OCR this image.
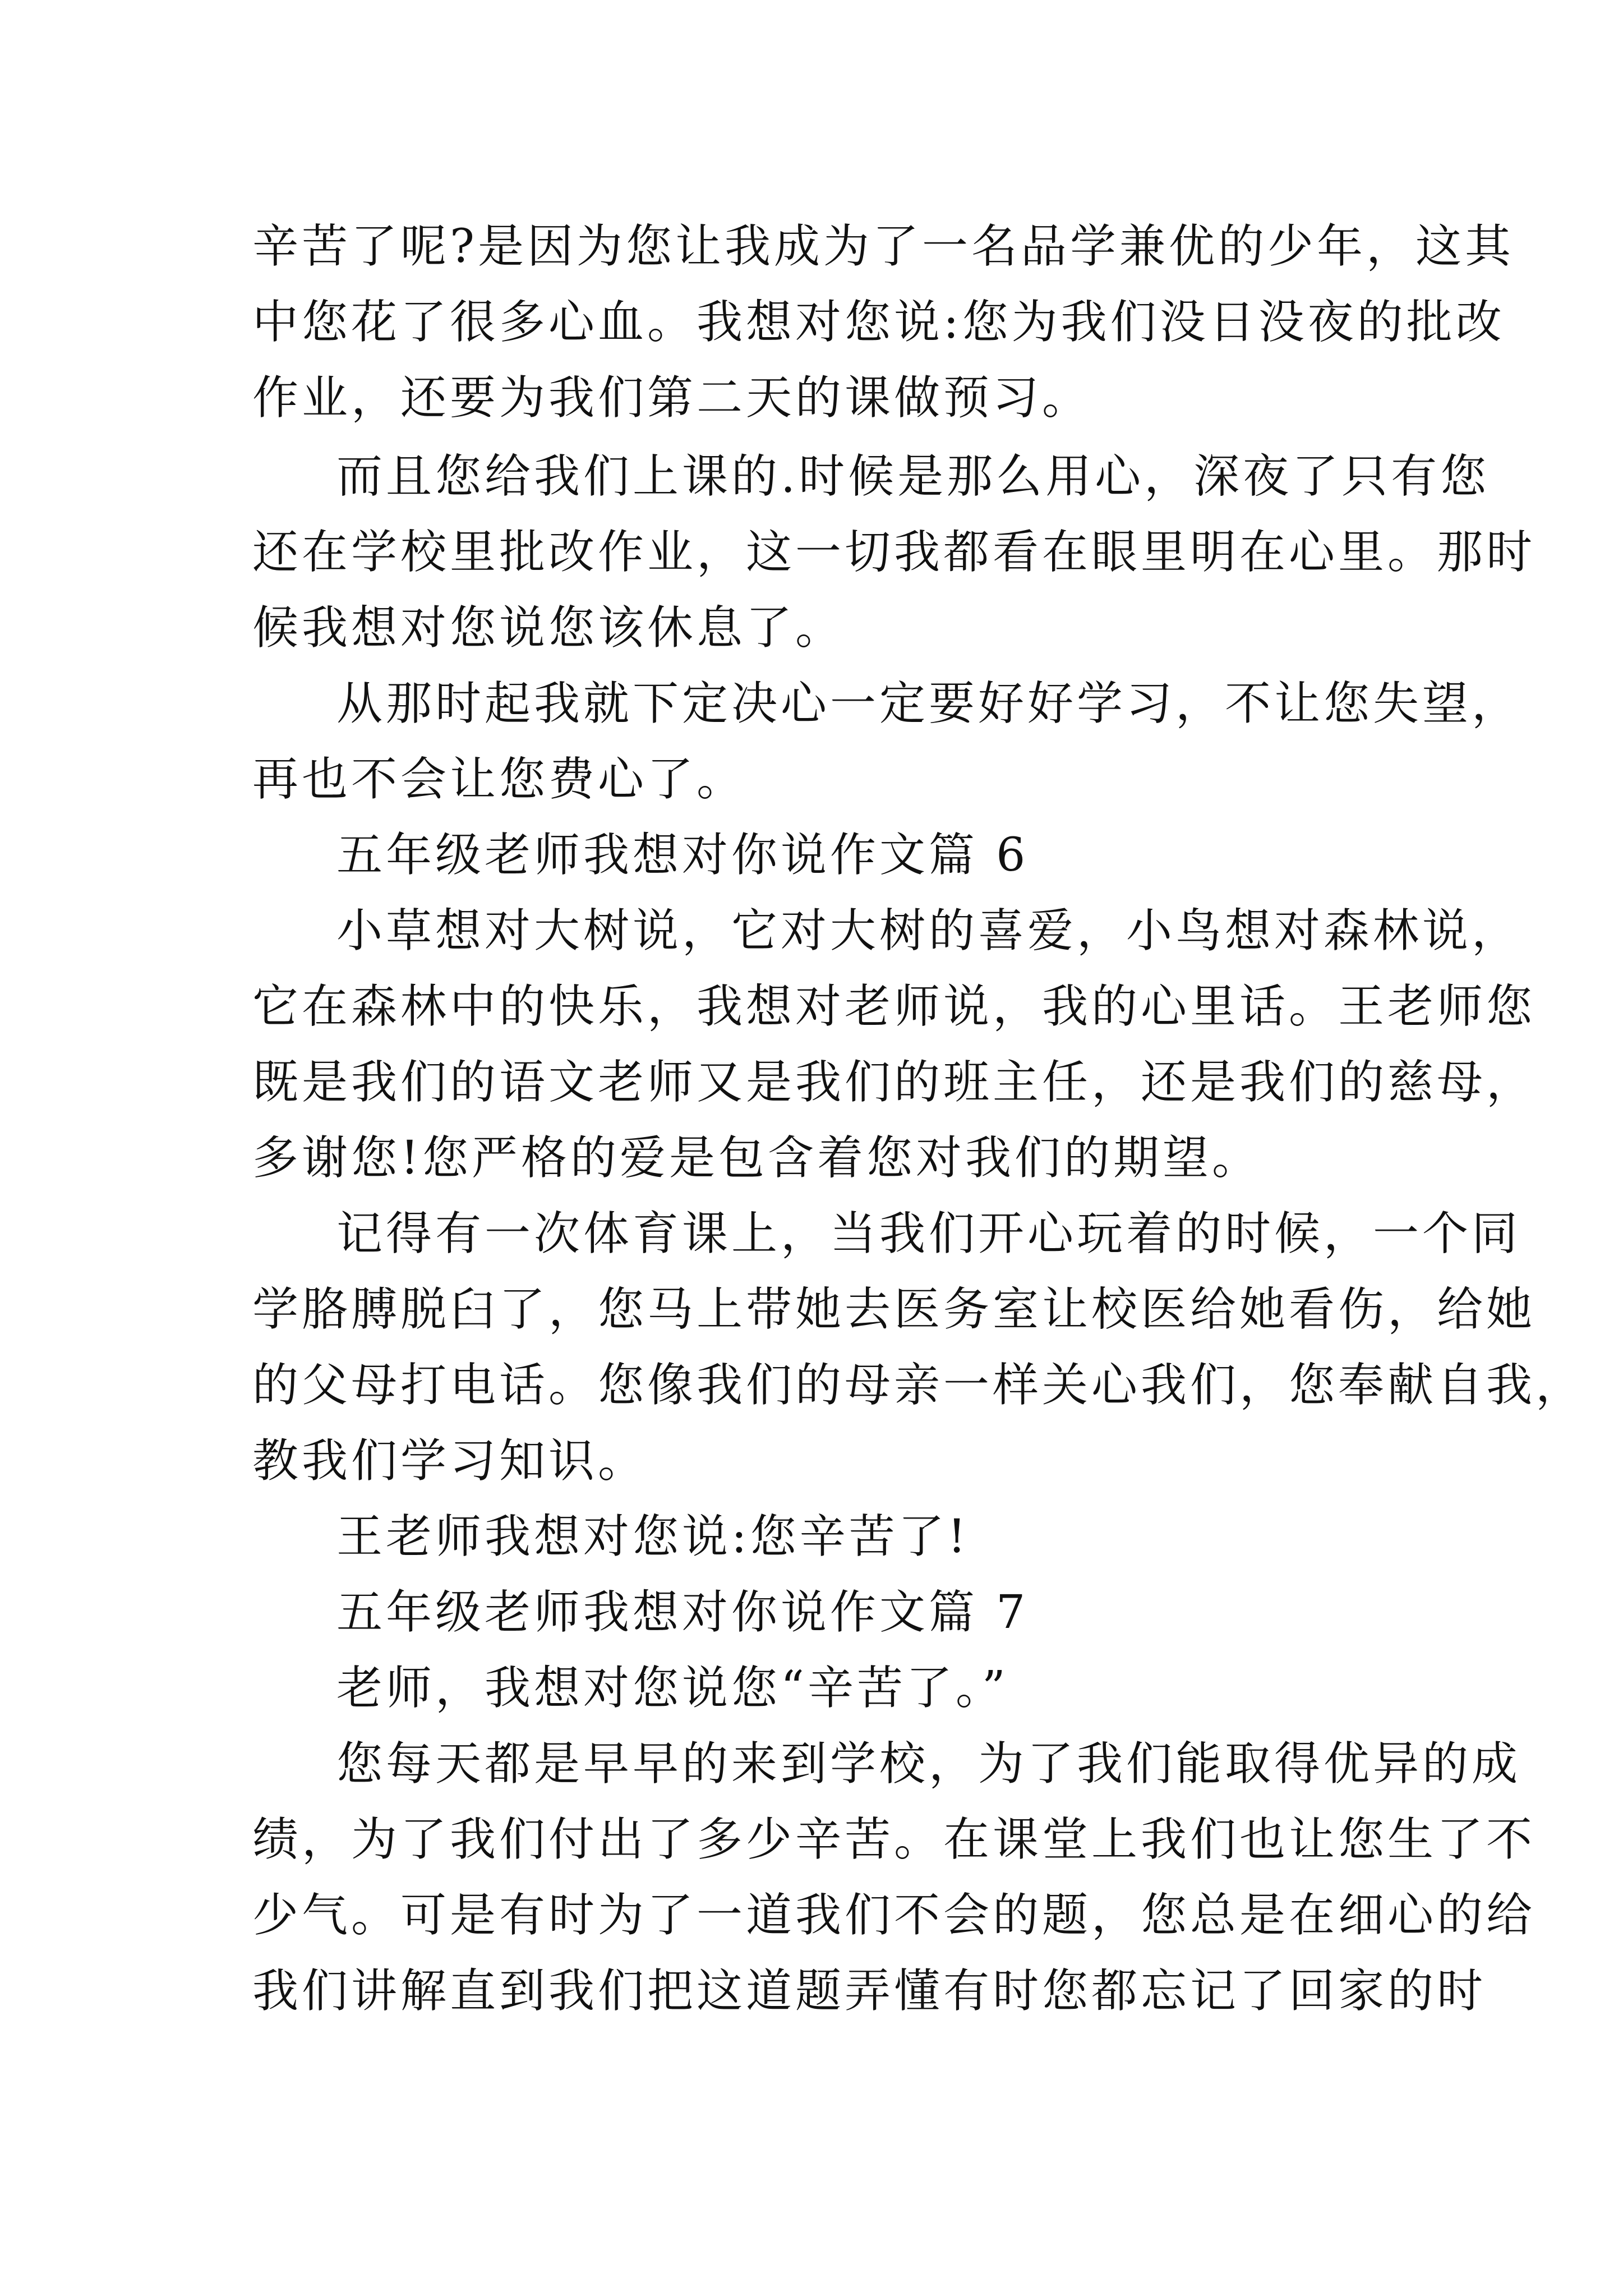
辛苦了呢?是因为您让我成为了一名品学兼优的少年，这其
中您花了很多心血。我想对您说:您为我们没日没夜的批改
作业，还要为我们第二天的课做预习。
而且您给我们上课的.时候是那么用心，深夜了只有您
还在学校里批改作业，这一切我都看在眼里明在心里。那时
候我想对您说您该休息了。
从那时起我就下定决心一定要好好学习，不让您失望，
再也不会让您费心了。
五年级老师我想对你说作文篇 6
小草想对大树说，它对大树的喜爱，小鸟想对森林说，
它在森林中的快乐，我想对老师说，我的心里话。王老师您
既是我们的语文老师又是我们的班主任，还是我们的慈母，
多谢您!您严格的爱是包含着您对我们的期望。
记得有一次体育课上，当我们开心玩着的时候，一个同
学胳膊脱臼了，您马上带她去医务室让校医给她看伤，给她
的父母打电话。您像我们的母亲一样关心我们，您奉献自我，
教我们学习知识。
王老师我想对您说:您辛苦了!
五年级老师我想对你说作文篇 7
老师，我想对您说您“辛苦了。”
您每天都是早早的来到学校，为了我们能取得优异的成
绩，为了我们付出了多少辛苦。在课堂上我们也让您生了不
少气。可是有时为了一道我们不会的题，您总是在细心的给
我们讲解直到我们把这道题弄懂有时您都忘记了回家的时
